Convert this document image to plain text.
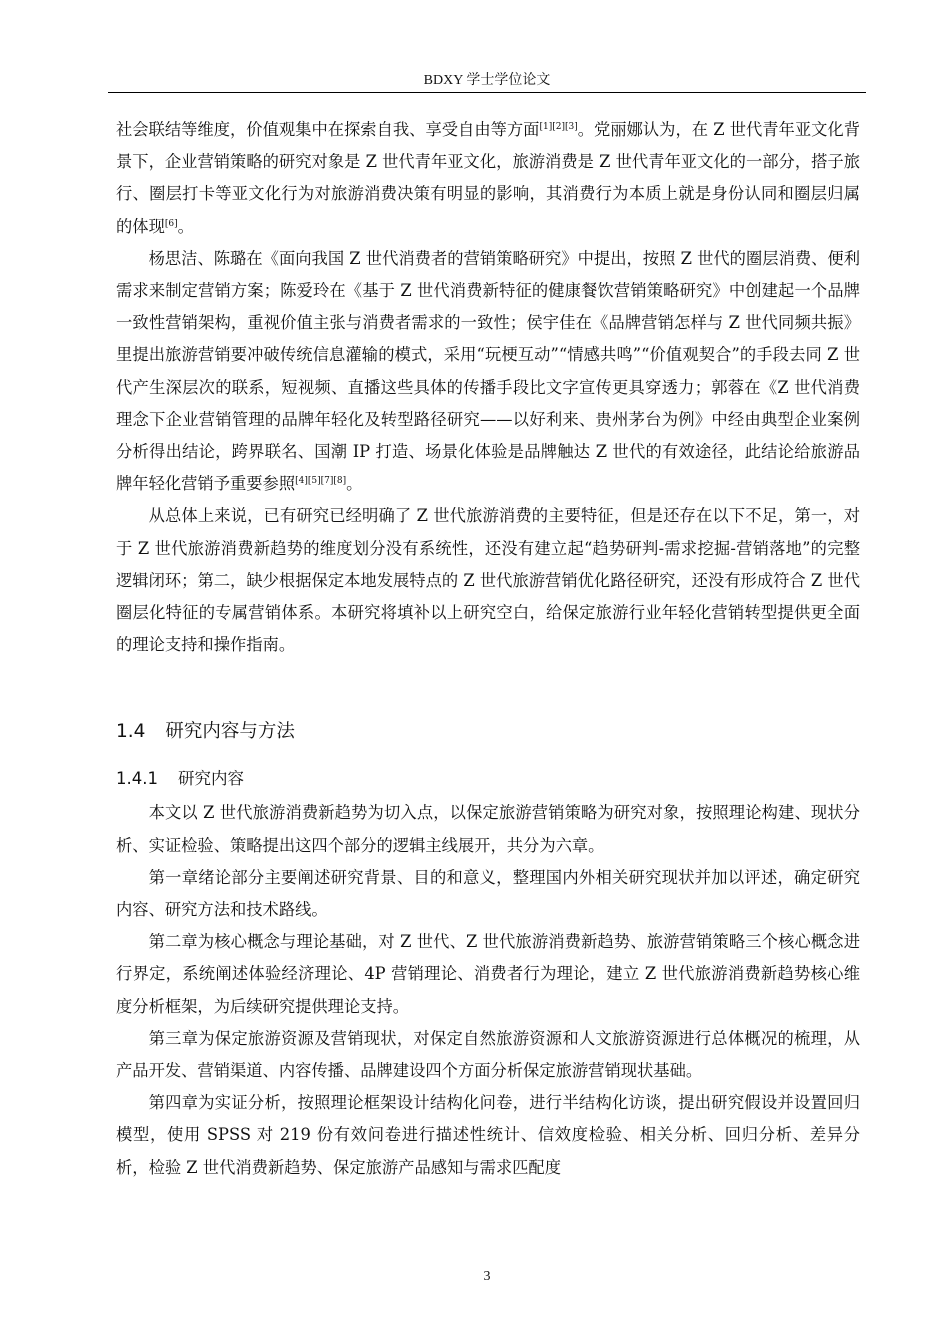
BDXY 学士学位论文

社会联结等维度，价值观集中在探索自我、享受自由等方面[1][2][3]。党丽娜认为，在 Z 世代青年亚文化背景下，企业营销策略的研究对象是 Z 世代青年亚文化，旅游消费是 Z 世代青年亚文化的一部分，搭子旅行、圈层打卡等亚文化行为对旅游消费决策有明显的影响，其消费行为本质上就是身份认同和圈层归属的体现[6]。

杨思洁、陈璐在《面向我国 Z 世代消费者的营销策略研究》中提出，按照 Z 世代的圈层消费、便利需求来制定营销方案；陈爱玲在《基于 Z 世代消费新特征的健康餐饮营销策略研究》中创建起一个品牌一致性营销架构，重视价值主张与消费者需求的一致性；侯宇佳在《品牌营销怎样与 Z 世代同频共振》里提出旅游营销要冲破传统信息灌输的模式，采用“玩梗互动”“情感共鸣”“价值观契合”的手段去同 Z 世代产生深层次的联系，短视频、直播这些具体的传播手段比文字宣传更具穿透力；郭蓉在《Z 世代消费理念下企业营销管理的品牌年轻化及转型路径研究——以好利来、贵州茅台为例》中经由典型企业案例分析得出结论，跨界联名、国潮 IP 打造、场景化体验是品牌触达 Z 世代的有效途径，此结论给旅游品牌年轻化营销予重要参照[4][5][7][8]。

从总体上来说，已有研究已经明确了 Z 世代旅游消费的主要特征，但是还存在以下不足，第一，对于 Z 世代旅游消费新趋势的维度划分没有系统性，还没有建立起“趋势研判-需求挖掘-营销落地”的完整逻辑闭环；第二，缺少根据保定本地发展特点的 Z 世代旅游营销优化路径研究，还没有形成符合 Z 世代圈层化特征的专属营销体系。本研究将填补以上研究空白，给保定旅游行业年轻化营销转型提供更全面的理论支持和操作指南。

1.4 研究内容与方法
1.4.1 研究内容

本文以 Z 世代旅游消费新趋势为切入点，以保定旅游营销策略为研究对象，按照理论构建、现状分析、实证检验、策略提出这四个部分的逻辑主线展开，共分为六章。

第一章绪论部分主要阐述研究背景、目的和意义，整理国内外相关研究现状并加以评述，确定研究内容、研究方法和技术路线。

第二章为核心概念与理论基础，对 Z 世代、Z 世代旅游消费新趋势、旅游营销策略三个核心概念进行界定，系统阐述体验经济理论、4P 营销理论、消费者行为理论，建立 Z 世代旅游消费新趋势核心维度分析框架，为后续研究提供理论支持。

第三章为保定旅游资源及营销现状，对保定自然旅游资源和人文旅游资源进行总体概况的梳理，从产品开发、营销渠道、内容传播、品牌建设四个方面分析保定旅游营销现状基础。

第四章为实证分析，按照理论框架设计结构化问卷，进行半结构化访谈，提出研究假设并设置回归模型，使用 SPSS 对 219 份有效问卷进行描述性统计、信效度检验、相关分析、回归分析、差异分析，检验 Z 世代消费新趋势、保定旅游产品感知与需求匹配度

3
